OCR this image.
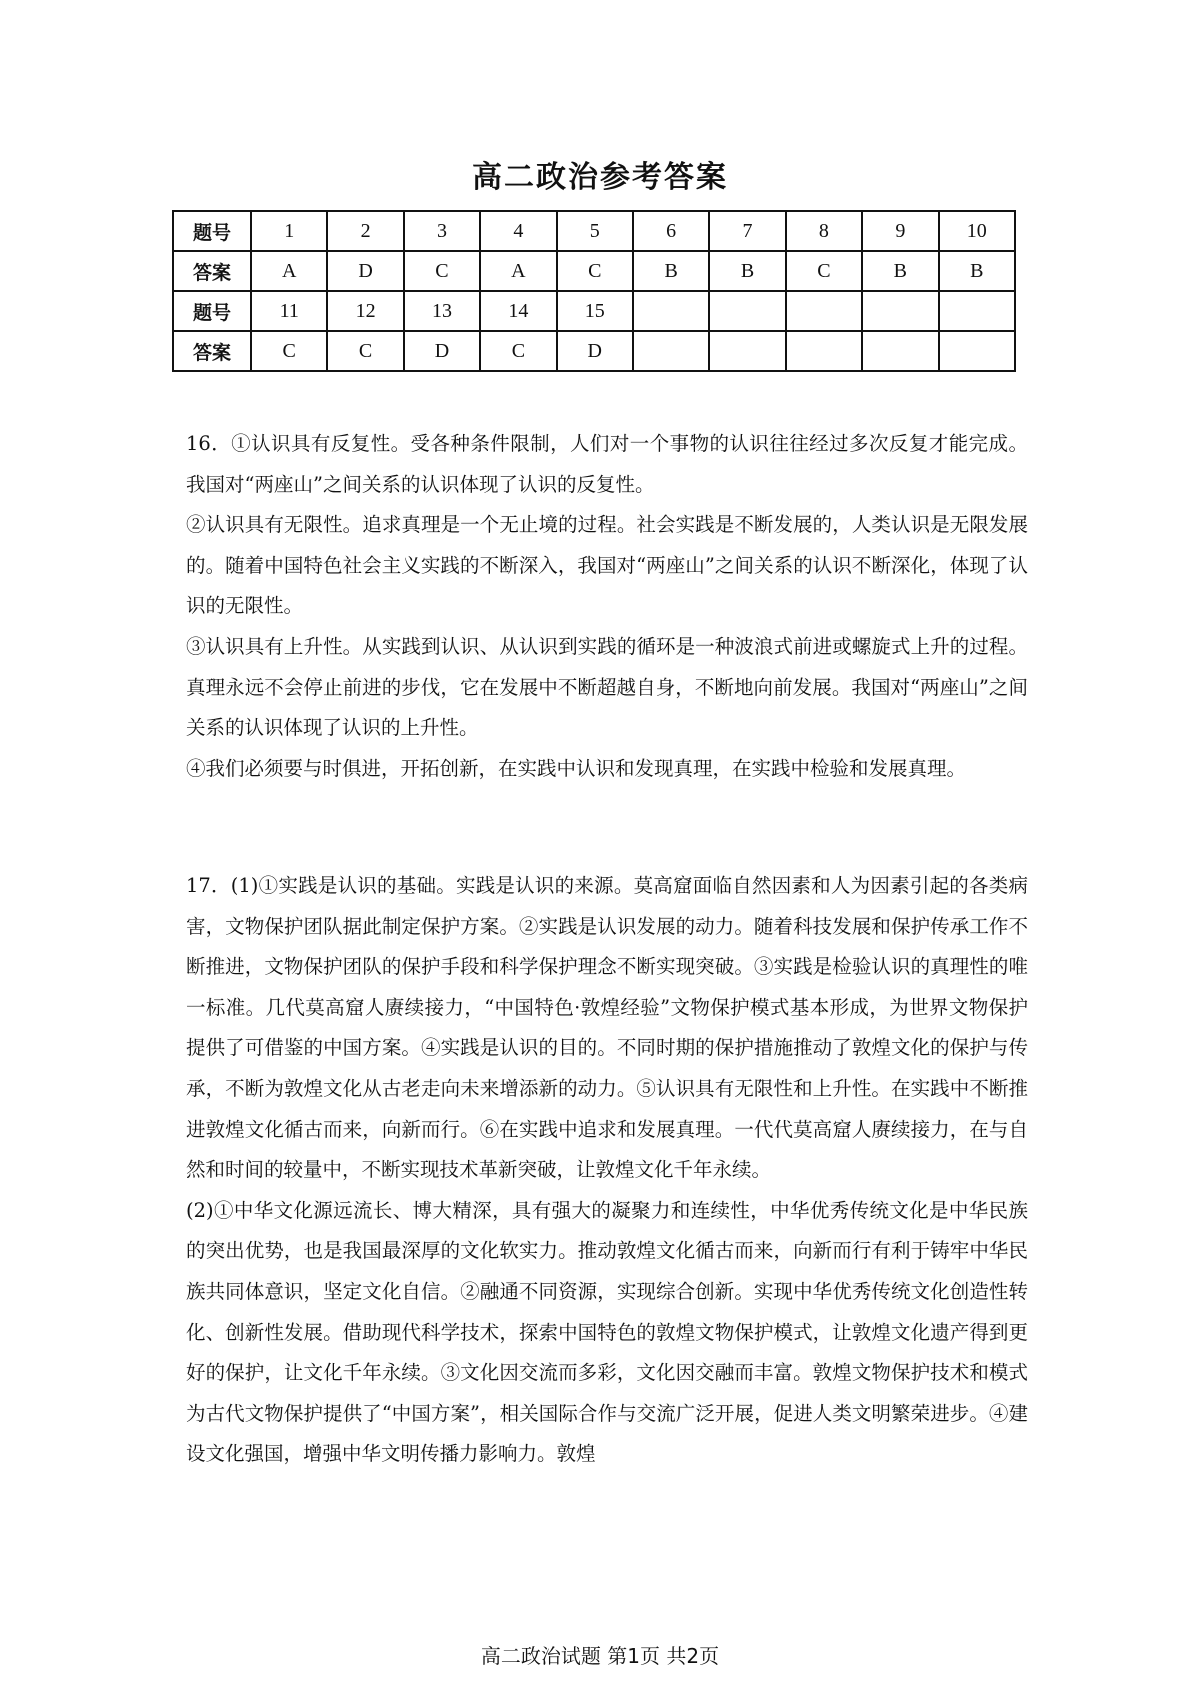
高二政治参考答案
题号	1	2	3	4	5	6	7	8	9	10
答案	A	D	C	A	C	B	B	C	B	B
题号	11	12	13	14	15					
答案	C	C	D	C	D					

16．①认识具有反复性。受各种条件限制，人们对一个事物的认识往往经过多次反复才能完成。我国对“两座山”之间关系的认识体现了认识的反复性。

②认识具有无限性。追求真理是一个无止境的过程。社会实践是不断发展的，人类认识是无限发展的。随着中国特色社会主义实践的不断深入，我国对“两座山”之间关系的认识不断深化，体现了认识的无限性。

③认识具有上升性。从实践到认识、从认识到实践的循环是一种波浪式前进或螺旋式上升的过程。真理永远不会停止前进的步伐，它在发展中不断超越自身，不断地向前发展。我国对“两座山”之间关系的认识体现了认识的上升性。

④我们必须要与时俱进，开拓创新，在实践中认识和发现真理，在实践中检验和发展真理。

17．(1)①实践是认识的基础。实践是认识的来源。莫高窟面临自然因素和人为因素引起的各类病害，文物保护团队据此制定保护方案。②实践是认识发展的动力。随着科技发展和保护传承工作不断推进，文物保护团队的保护手段和科学保护理念不断实现突破。③实践是检验认识的真理性的唯一标准。几代莫高窟人赓续接力，“中国特色·敦煌经验”文物保护模式基本形成，为世界文物保护提供了可借鉴的中国方案。④实践是认识的目的。不同时期的保护措施推动了敦煌文化的保护与传承，不断为敦煌文化从古老走向未来增添新的动力。⑤认识具有无限性和上升性。在实践中不断推进敦煌文化循古而来，向新而行。⑥在实践中追求和发展真理。一代代莫高窟人赓续接力，在与自然和时间的较量中，不断实现技术革新突破，让敦煌文化千年永续。

(2)①中华文化源远流长、博大精深，具有强大的凝聚力和连续性，中华优秀传统文化是中华民族的突出优势，也是我国最深厚的文化软实力。推动敦煌文化循古而来，向新而行有利于铸牢中华民族共同体意识，坚定文化自信。②融通不同资源，实现综合创新。实现中华优秀传统文化创造性转化、创新性发展。借助现代科学技术，探索中国特色的敦煌文物保护模式，让敦煌文化遗产得到更好的保护，让文化千年永续。③文化因交流而多彩，文化因交融而丰富。敦煌文物保护技术和模式为古代文物保护提供了“中国方案”，相关国际合作与交流广泛开展，促进人类文明繁荣进步。④建设文化强国，增强中华文明传播力影响力。敦煌

高二政治试题 第1页 共2页
